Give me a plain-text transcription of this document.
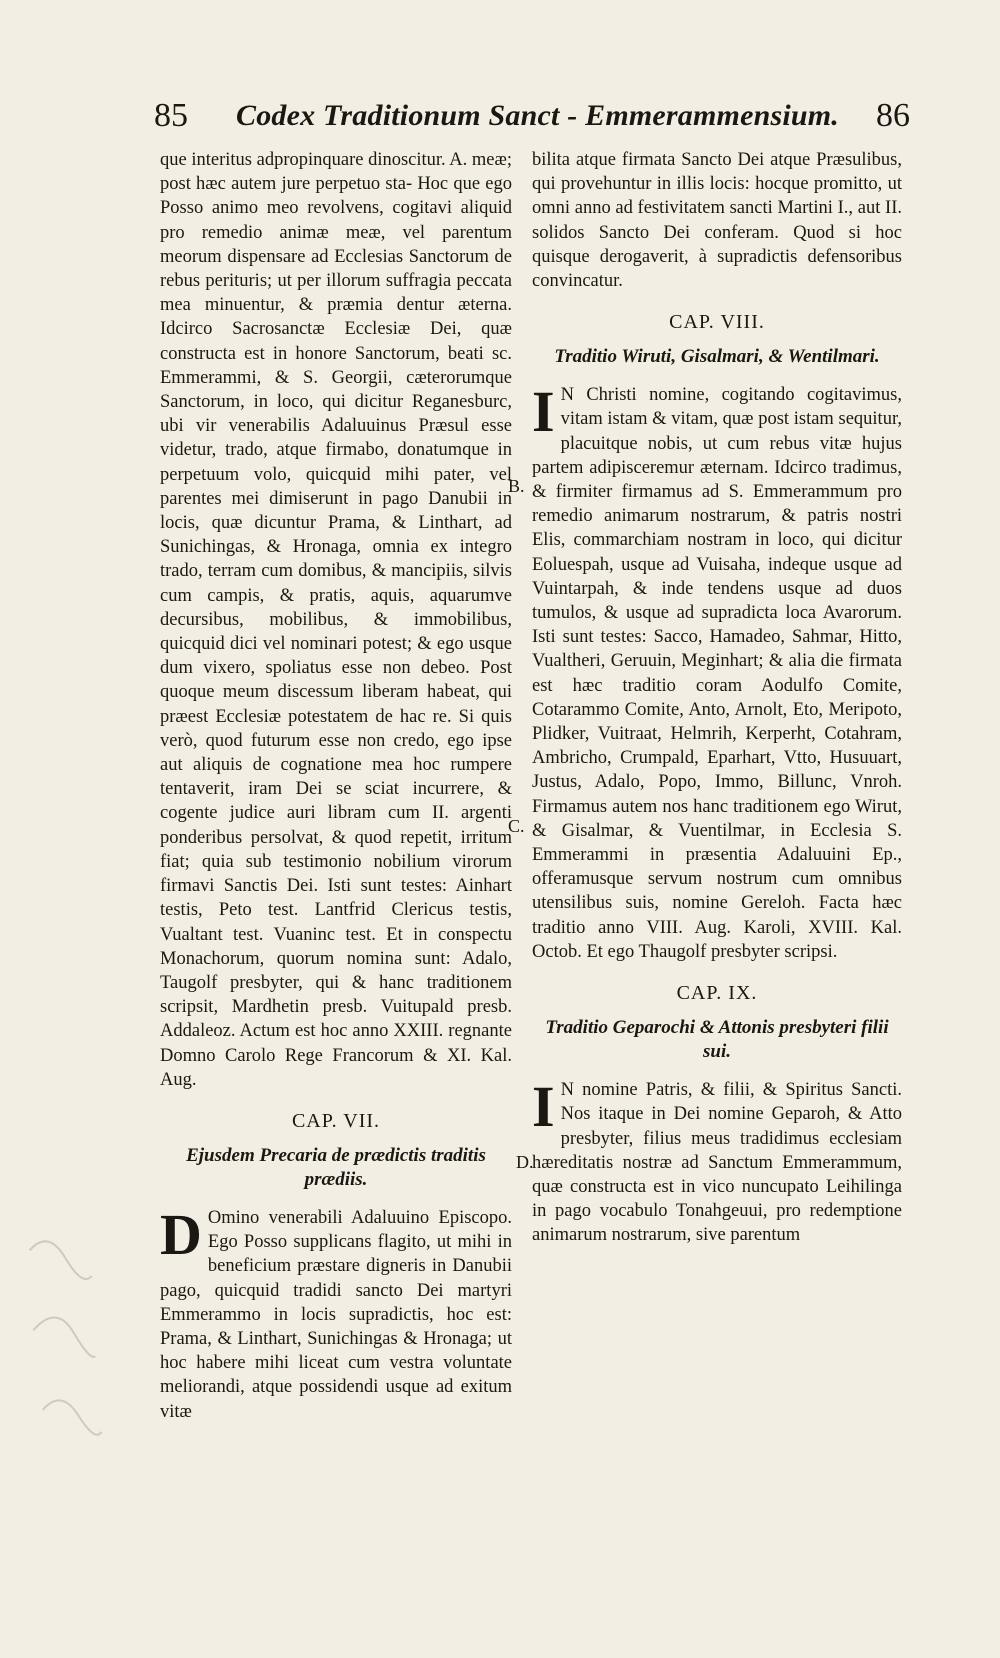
85 Codex Traditionum Sanct - Emmerammensium. 86

que interitus adpropinquare dinoscitur. A. meæ; post hæc autem jure perpetuo sta- Hoc que ego Posso animo meo revolvens, cogitavi aliquid pro remedio animæ meæ, vel parentum meorum dispensare ad Ecclesias Sanctorum de rebus perituris; ut per illorum suffragia peccata mea minuentur, & præmia dentur æterna. Idcirco Sacrosanctæ Ecclesiæ Dei, quæ constructa est in honore Sanctorum, beati sc. Emmerammi, & S. Georgii, cæterorumque Sanctorum, in loco, qui dicitur Reganesburc, ubi vir venerabilis Adaluuinus Præsul esse videtur, trado, atque firmabo, donatumque in perpetuum volo, quicquid mihi pater, vel parentes mei dimiserunt in pago Danubii in locis, quæ dicuntur Prama, & Linthart, ad Sunichingas, & Hronaga, omnia ex integro trado, terram cum domibus, & mancipiis, silvis cum campis, & pratis, aquis, aquarumve decursibus, mobilibus, & immobilibus, quicquid dici vel nominari potest; & ego usque dum vixero, spoliatus esse non debeo. Post quoque meum discessum liberam habeat, qui præest Ecclesiæ potestatem de hac re. Si quis verò, quod futurum esse non credo, ego ipse aut aliquis de cognatione mea hoc rumpere tentaverit, iram Dei se sciat incurrere, & cogente judice auri libram cum II. argenti ponderibus persolvat, & quod repetit, irritum fiat; quia sub testimonio nobilium virorum firmavi Sanctis Dei. Isti sunt testes: Ainhart testis, Peto test. Lantfrid Clericus testis, Vualtant test. Vuaninc test. Et in conspectu Monachorum, quorum nomina sunt: Adalo, Taugolf presbyter, qui & hanc traditionem scripsit, Mardhetin presb. Vuitupald presb. Addaleoz. Actum est hoc anno XXIII. regnante Domno Carolo Rege Francorum & XI. Kal. Aug.

CAP. VII.
Ejusdem Precaria de prædictis traditis prædiis.

D Omino venerabili Adaluuino Episcopo. Ego Posso supplicans flagito, ut mihi in beneficium præstare digneris in Danubii pago, quicquid tradidi sancto Dei martyri Emmerammo in locis supradictis, hoc est: Prama, & Linthart, Sunichingas & Hronaga; ut hoc habere mihi liceat cum vestra voluntate meliorandi, atque possidendi usque ad exitum vitæ

bilita atque firmata Sancto Dei atque Præsulibus, qui provehuntur in illis locis: hocque promitto, ut omni anno ad festivitatem sancti Martini I., aut II. solidos Sancto Dei conferam. Quod si hoc quisque derogaverit, à supradictis defensoribus convincatur.

CAP. VIII.
Traditio Wiruti, Gisalmari, & Wentilmari.

I N Christi nomine, cogitando cogitavimus, vitam istam & vitam, quæ post istam sequitur, placuitque nobis, ut cum rebus vitæ hujus partem adipisceremur æternam. Idcirco tradimus, & firmiter firmamus ad S. Emmerammum pro remedio animarum nostrarum, & patris nostri Elis, commarchiam nostram in loco, qui dicitur Eoluespah, usque ad Vuisaha, indeque usque ad Vuintarpah, & inde tendens usque ad duos tumulos, & usque ad supradicta loca Avarorum. Isti sunt testes: Sacco, Hamadeo, Sahmar, Hitto, Vualtheri, Geruuin, Meginhart; & alia die firmata est hæc traditio coram Aodulfo Comite, Cotarammo Comite, Anto, Arnolt, Eto, Meripoto, Plidker, Vuitraat, Helmrih, Kerperht, Cotahram, Ambricho, Crumpald, Eparhart, Vtto, Husuuart, Justus, Adalo, Popo, Immo, Billunc, Vnroh. Firmamus autem nos hanc traditionem ego Wirut, & Gisalmar, & Vuentilmar, in Ecclesia S. Emmerammi in præsentia Adaluuini Ep., offeramusque servum nostrum cum omnibus utensilibus suis, nomine Gereloh. Facta hæc traditio anno VIII. Aug. Karoli, XVIII. Kal. Octob. Et ego Thaugolf presbyter scripsi.

CAP. IX.
Traditio Geparochi & Attonis presbyteri filii sui.

I N nomine Patris, & filii, & Spiritus Sancti. Nos itaque in Dei nomine Geparoh, & Atto presbyter, filius meus tradidimus ecclesiam hæreditatis nostræ ad Sanctum Emmerammum, quæ constructa est in vico nuncupato Leihilinga in pago vocabulo Tonahgeuui, pro redemptione animarum nostrarum, sive parentum

B.
C.
D.
